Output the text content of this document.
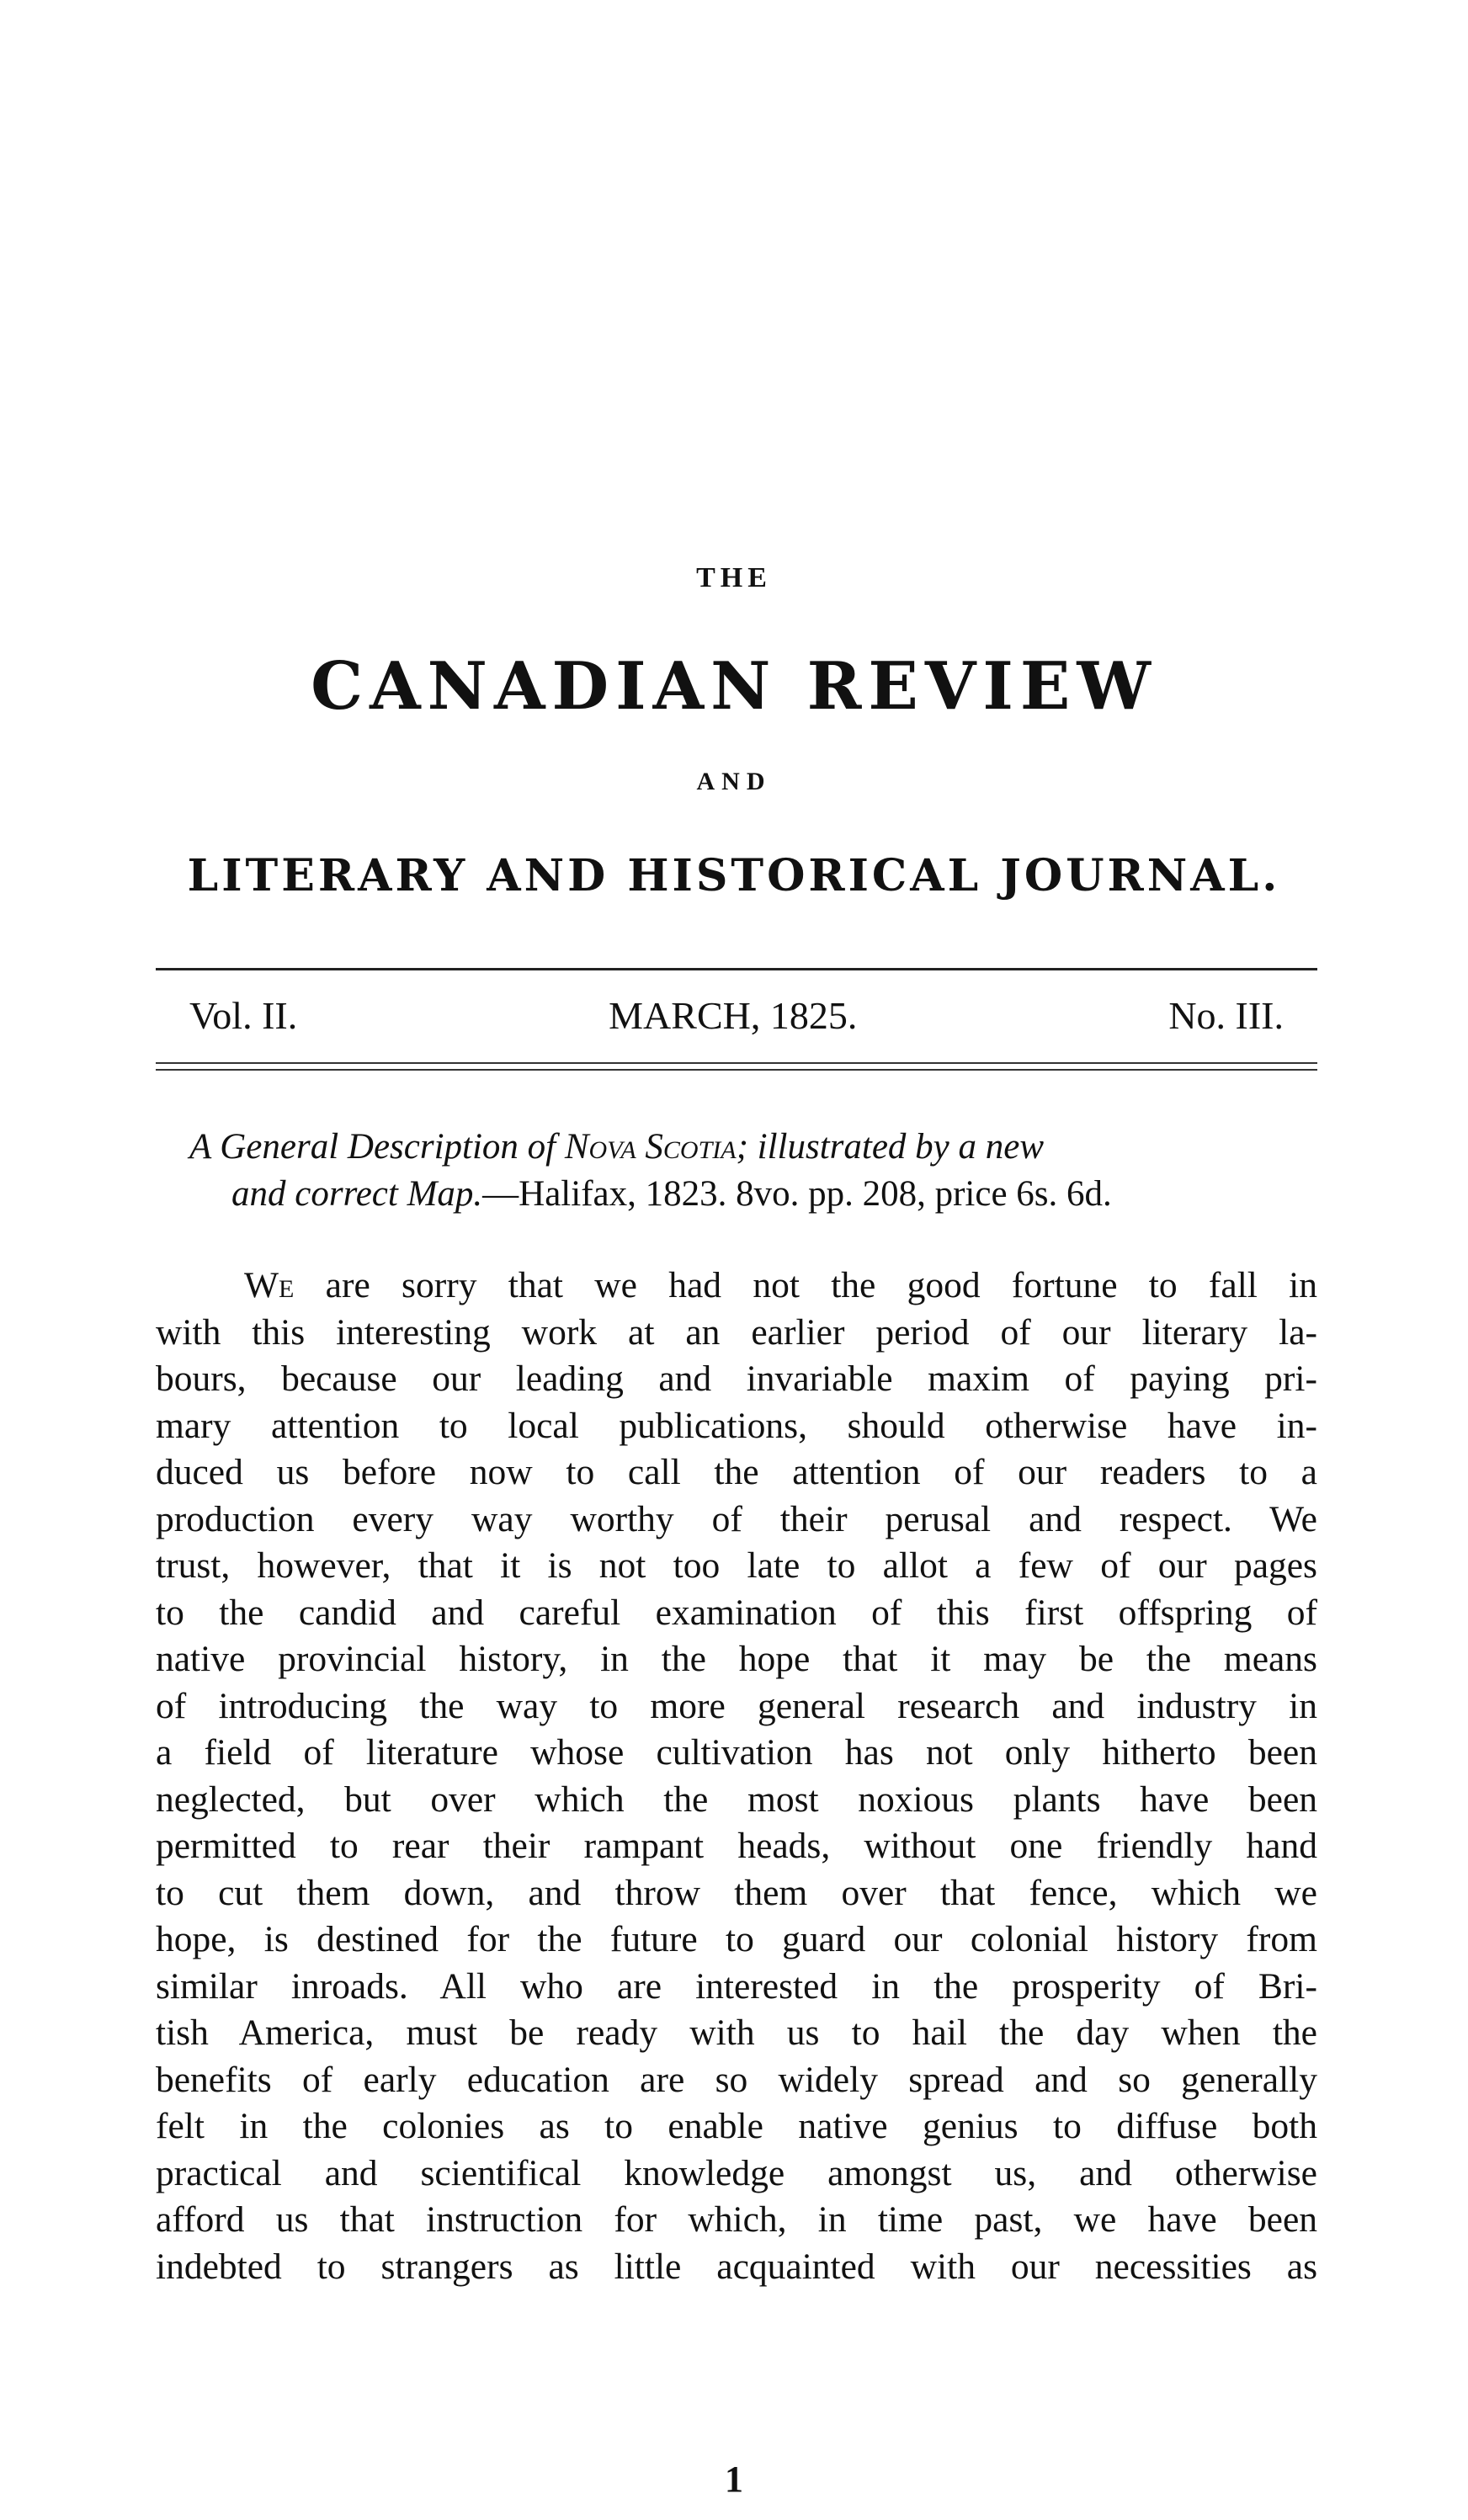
THE
CANADIAN REVIEW
AND
LITERARY AND HISTORICAL JOURNAL.
Vol. II.	MARCH, 1825.	No. III.
A General Description of Nova Scotia; illustrated by a new
and correct Map.—Halifax, 1823. 8vo. pp. 208, price 6s. 6d.
We are sorry that we had not the good fortune to fall in
with this interesting work at an earlier period of our literary la-
bours, because our leading and invariable maxim of paying pri-
mary attention to local publications, should otherwise have in-
duced us before now to call the attention of our readers to a
production every way worthy of their perusal and respect. We
trust, however, that it is not too late to allot a few of our pages
to the candid and careful examination of this first offspring of
native provincial history, in the hope that it may be the means
of introducing the way to more general research and industry in
a field of literature whose cultivation has not only hitherto been
neglected, but over which the most noxious plants have been
permitted to rear their rampant heads, without one friendly hand
to cut them down, and throw them over that fence, which we
hope, is destined for the future to guard our colonial history from
similar inroads. All who are interested in the prosperity of Bri-
tish America, must be ready with us to hail the day when the
benefits of early education are so widely spread and so generally
felt in the colonies as to enable native genius to diffuse both
practical and scientifical knowledge amongst us, and otherwise
afford us that instruction for which, in time past, we have been
indebted to strangers as little acquainted with our necessities as
1
